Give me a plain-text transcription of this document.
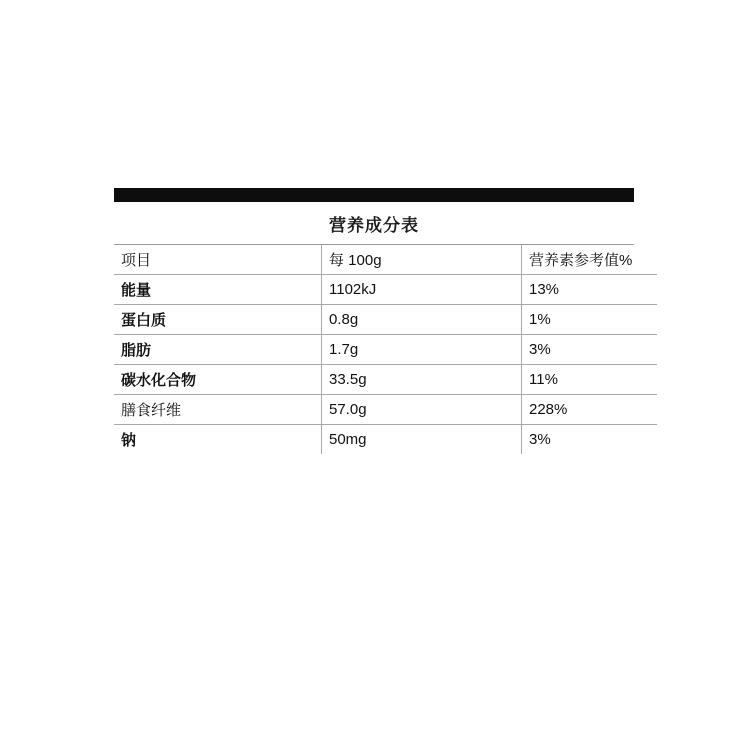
营养成分表
项目	每 100g	营养素参考值%
能量	1102kJ	13%
蛋白质	0.8g	1%
脂肪	1.7g	3%
碳水化合物	33.5g	11%
膳食纤维	57.0g	228%
钠	50mg	3%
